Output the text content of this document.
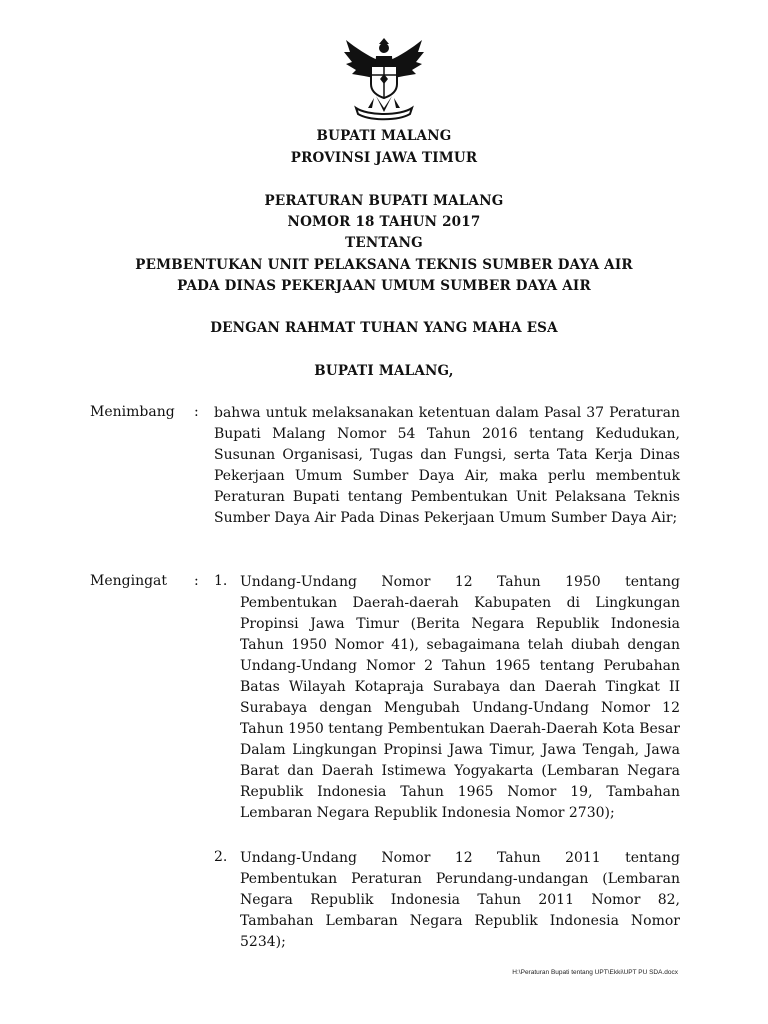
BUPATI MALANG
PROVINSI JAWA TIMUR
PERATURAN BUPATI MALANG
NOMOR 18 TAHUN 2017
TENTANG
PEMBENTUKAN UNIT PELAKSANA TEKNIS SUMBER DAYA AIR
PADA DINAS PEKERJAAN UMUM SUMBER DAYA AIR
DENGAN RAHMAT TUHAN YANG MAHA ESA
BUPATI MALANG,
Menimbang : bahwa untuk melaksanakan ketentuan dalam Pasal 37 Peraturan Bupati Malang Nomor 54 Tahun 2016 tentang Kedudukan, Susunan Organisasi, Tugas dan Fungsi, serta Tata Kerja Dinas Pekerjaan Umum Sumber Daya Air, maka perlu membentuk Peraturan Bupati tentang Pembentukan Unit Pelaksana Teknis Sumber Daya Air Pada Dinas Pekerjaan Umum Sumber Daya Air;
Mengingat : 1. Undang-Undang Nomor 12 Tahun 1950 tentang Pembentukan Daerah-daerah Kabupaten di Lingkungan Propinsi Jawa Timur (Berita Negara Republik Indonesia Tahun 1950 Nomor 41), sebagaimana telah diubah dengan Undang-Undang Nomor 2 Tahun 1965 tentang Perubahan Batas Wilayah Kotapraja Surabaya dan Daerah Tingkat II Surabaya dengan Mengubah Undang-Undang Nomor 12 Tahun 1950 tentang Pembentukan Daerah-Daerah Kota Besar Dalam Lingkungan Propinsi Jawa Timur, Jawa Tengah, Jawa Barat dan Daerah Istimewa Yogyakarta (Lembaran Negara Republik Indonesia Tahun 1965 Nomor 19, Tambahan Lembaran Negara Republik Indonesia Nomor 2730);
2. Undang-Undang Nomor 12 Tahun 2011 tentang Pembentukan Peraturan Perundang-undangan (Lembaran Negara Republik Indonesia Tahun 2011 Nomor 82, Tambahan Lembaran Negara Republik Indonesia Nomor 5234);
H:\Peraturan Bupati tentang UPT\Ekki\UPT PU SDA.docx
